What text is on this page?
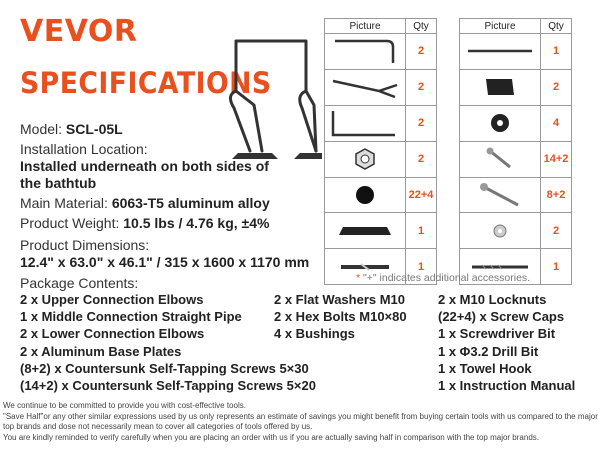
VEVOR
SPECIFICATIONS
Model: SCL-05L
Installation Location:
Installed underneath on both sides of
the bathtub
Main Material: 6063-T5 aluminum alloy
Product Weight: 10.5 lbs / 4.76 kg, ±4%
Product Dimensions:
12.4" x 63.0" x 46.1" / 315 x 1600 x 1170 mm
Package Contents:
Picture	Qty

	2

	2

	2

	2

	22+4

	1

	1
Picture	Qty

	1

	2

	4

	14+2

	8+2

	2

	1
* "+" indicates additional accessories.
2 x Upper Connection Elbows
1 x Middle Connection Straight Pipe
2 x Lower Connection Elbows
2 x Aluminum Base Plates
(8+2) x Countersunk Self-Tapping Screws 5×30
(14+2) x Countersunk Self-Tapping Screws 5×20
2 x Flat Washers M10
2 x Hex Bolts M10×80
4 x Bushings
2 x M10 Locknuts
(22+4) x Screw Caps
1 x Screwdriver Bit
1 x Φ3.2 Drill Bit
1 x Towel Hook
1 x Instruction Manual
We continue to be committed to provide you with cost-effective tools.
"Save Half"or any other similar expressions used by us only represents an estimate of savings you might benefit from buying certain tools with us compared to the major
top brands and dose not necessarily mean to cover all categories of tools offered by us.
You are kindly reminded to verify carefully when you are placing an order with us if you are actually saving half in comparison with the top major brands.
